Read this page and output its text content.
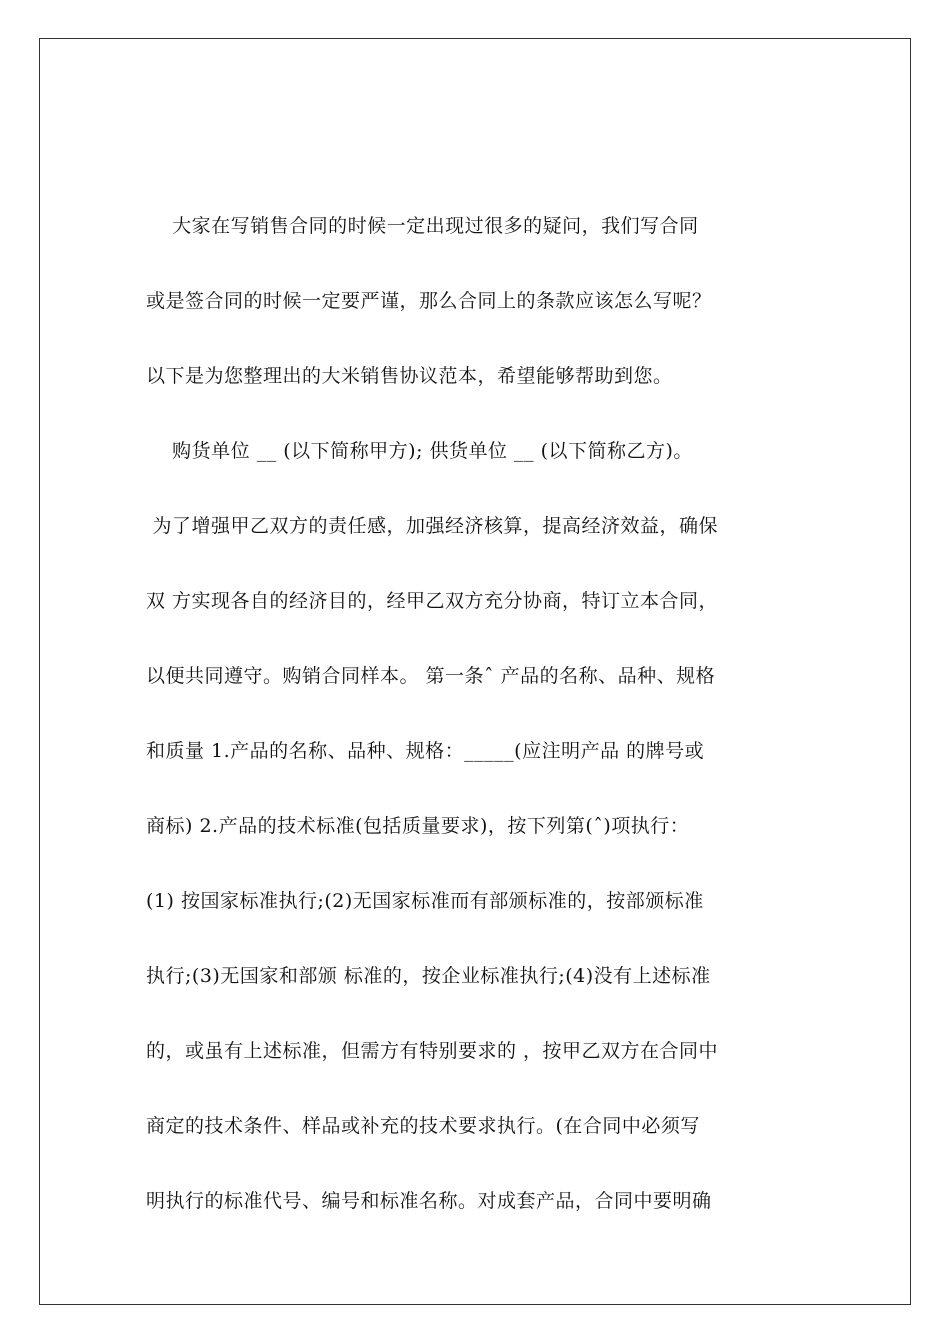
大家在写销售合同的时候一定出现过很多的疑问，我们写合同
或是签合同的时候一定要严谨，那么合同上的条款应该怎么写呢？
以下是为您整理出的大米销售协议范本，希望能够帮助到您。
购货单位 __ (以下简称甲方); 供货单位 __ (以下简称乙方)。
为了增强甲乙双方的责任感，加强经济核算，提高经济效益，确保
双 方实现各自的经济目的，经甲乙双方充分协商，特订立本合同，
以便共同遵守。购销合同样本。 第一条ˆ 产品的名称、品种、规格
和质量 1.产品的名称、品种、规格：_____(应注明产品 的牌号或
商标) 2.产品的技术标准(包括质量要求)，按下列第(ˆ)项执行：
(1) 按国家标准执行;(2)无国家标准而有部颁标准的，按部颁标准
执行;(3)无国家和部颁 标准的，按企业标准执行;(4)没有上述标准
的，或虽有上述标准，但需方有特别要求的 ，按甲乙双方在合同中
商定的技术条件、样品或补充的技术要求执行。(在合同中必须写
明执行的标准代号、编号和标准名称。对成套产品，合同中要明确
